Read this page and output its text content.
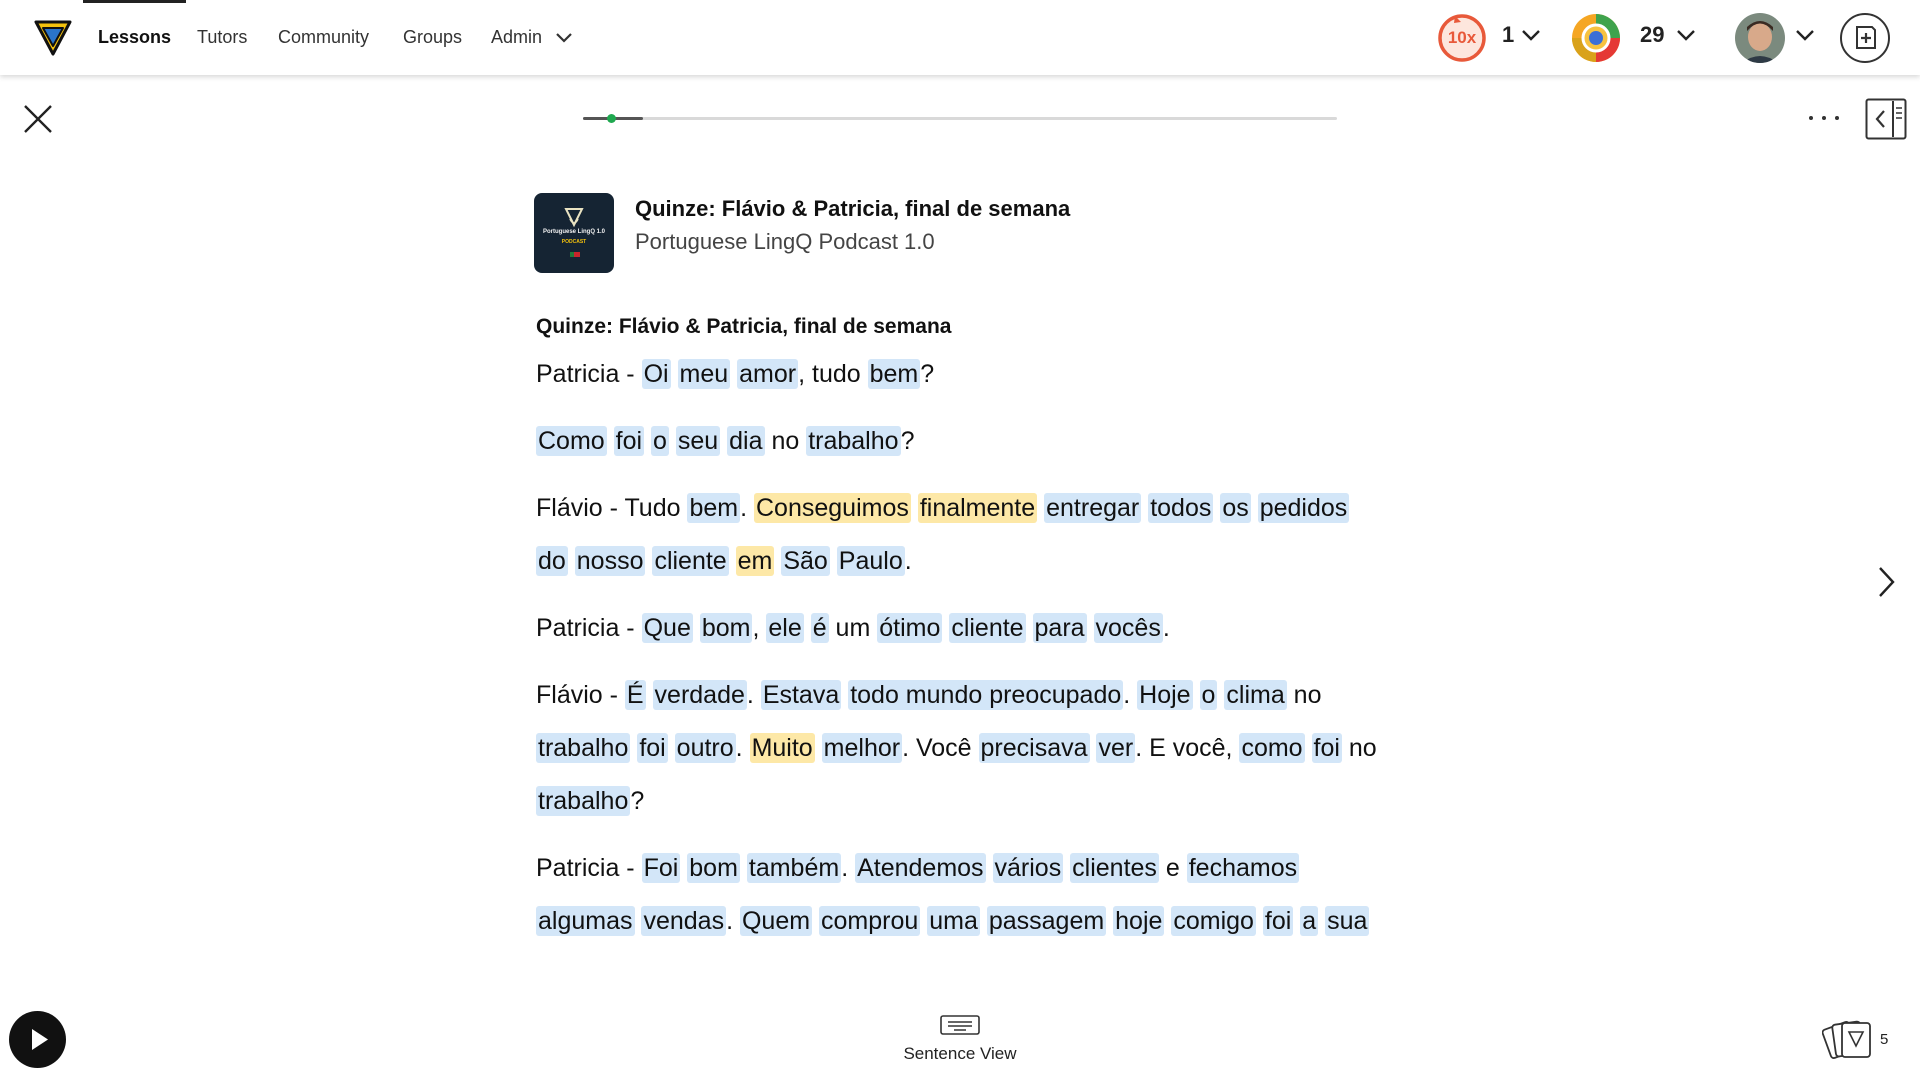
Lessons Tutors Community Groups Admin	10x	1	29
Portuguese LingQ 1.0
PODCAST
Quinze: Flávio & Patricia, final de semana
Portuguese LingQ Podcast 1.0
Quinze: Flávio & Patricia, final de semana

Patricia - Oi meu amor, tudo bem?

Como foi o seu dia no trabalho?

Flávio - Tudo bem. Conseguimos finalmente entregar todos os pedidos do nosso cliente em São Paulo.

Patricia - Que bom, ele é um ótimo cliente para vocês.

Flávio - É verdade. Estava todo mundo preocupado. Hoje o clima no trabalho foi outro. Muito melhor. Você precisava ver. E você, como foi no trabalho?

Patricia - Foi bom também. Atendemos vários clientes e fechamos algumas vendas. Quem comprou uma passagem hoje comigo foi a sua

Sentence View
5
